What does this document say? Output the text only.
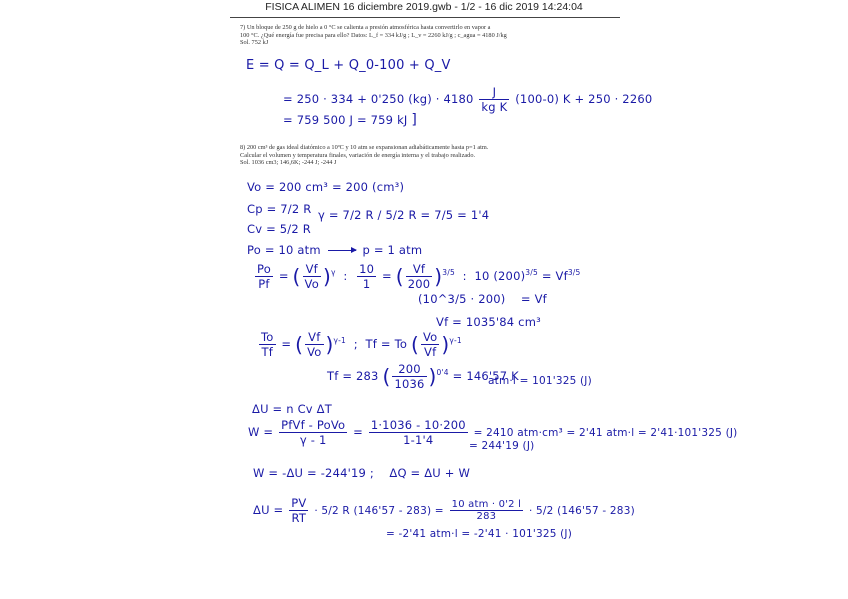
FISICA ALIMEN 16 diciembre 2019.gwb - 1/2 - 16 dic 2019 14:24:04
7) Un bloque de 250 g de hielo a 0 °C se calienta a presión atmosférica hasta convertirlo en vapor a
100 °C. ¿Qué energía fue precisa para ello? Datos: L_f = 334 kJ/g ; L_v = 2260 kJ/g ; c_agua = 4180 J/kg
Sol. 752 kJ
E = Q = Q_L + Q_0-100 + Q_V
= 250 · 334 + 0'250 $(kg) \cdot 4180 \frac{J}{\text{kg K}} (100-0) K + 250 \cdot 2260$
= 759 500 J = 759 kJ ]
8) 200 cm³ de gas ideal diatómico a 10ºC y 10 atm se expansionan adiabáticamente hasta p=1 atm.
Calcular el volumen y temperatura finales, variación de energía interna y el trabajo realizado.
Sol. 1036 cm3; 146,6K; -244 J; -244 J
Vo = 200 cm³ = 200 (cm³)
Cp = 7/2 R γ = 7/2 R / 5/2 R = 7/5 = 1'4
Cv = 5/2 R
Po = 10 atm	p = 1 atm
$\frac{Po}{Pf}$ = ( $\frac{Vf}{Vo} )^\gamma$  : $\frac{10}{1}$ = ( $\frac{Vf}{200} )^{3/5}$  :  10 $(200)^{3/5} = Vf^{3/5}$
(10^3/5 · 200) = Vf
Vf = 1035'84 cm³
$\frac{To}{Tf}$ = ( $\frac{Vf}{Vo} )^{\gamma-1}$  ;  Tf = To ( $\frac{Vo}{Vf} )^{\gamma-1}$
Tf = 283 ( $\frac{200}{1036} )^{0'4} = 146'57$ K
atm·l = 101'325 (J)
ΔU = n Cv ΔT
$W = \frac{\text{PfVf - PoVo}}{\gamma - 1} = \frac{1\cdot 1036 - 10\cdot 200}{1-1'4} = 2410$ atm·cm³ = 2'41 atm·l = 2'41·101'325 (J)
= 244'19 (J)
W = -ΔU = -244'19 ; ΔQ = ΔU + W
$\Delta U = \frac{PV}{RT} \cdot 5/2$ R $(146'57 - 283) = \frac{\text{10 atm · 0'2 l}}{283} \cdot 5/2$ (146'57 - 283)
= -2'41 atm·l = -2'41 · 101'325 (J)
